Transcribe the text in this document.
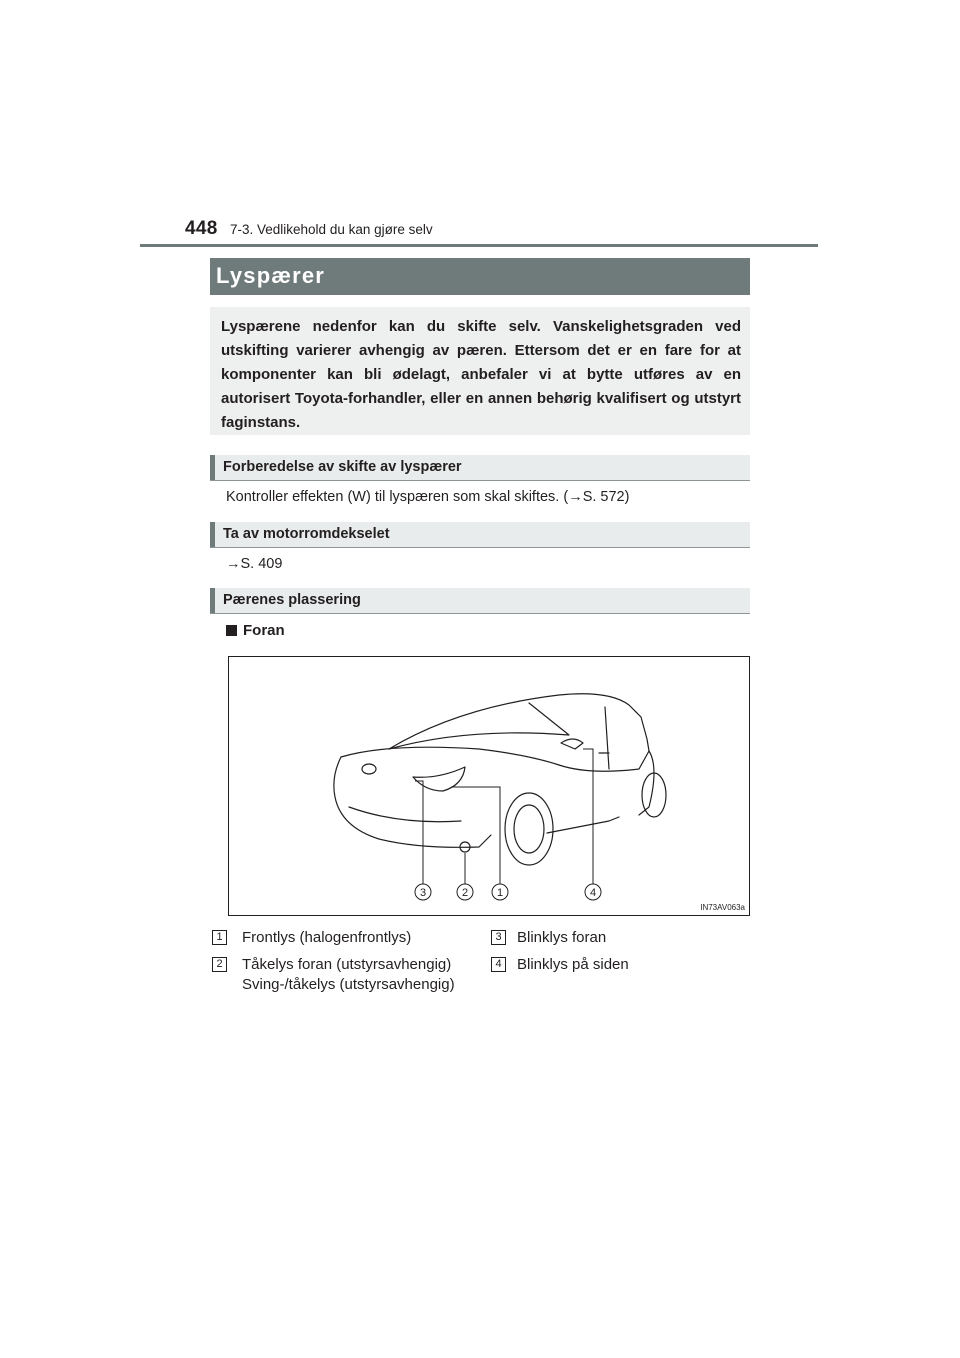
448 7-3. Vedlikehold du kan gjøre selv
Lyspærer

Lyspærene nedenfor kan du skifte selv. Vanskelighetsgraden ved utskifting varierer avhengig av pæren. Ettersom det er en fare for at komponenter kan bli ødelagt, anbefaler vi at bytte utføres av en autorisert Toyota-forhandler, eller en annen behørig kvalifisert og utstyrt faginstans.

Forberedelse av skifte av lyspærer
Kontroller effekten (W) til lyspæren som skal skiftes. (→S. 572)
Ta av motorromdekselet
→S. 409
Pærenes plassering
Foran
3	2	1	4
IN73AV063a
1 Frontlys (halogenfrontlys)
2 Tåkelys foran (utstyrsavhengig)
Sving-/tåkelys (utstyrsavhengig)
3 Blinklys foran
4 Blinklys på siden
